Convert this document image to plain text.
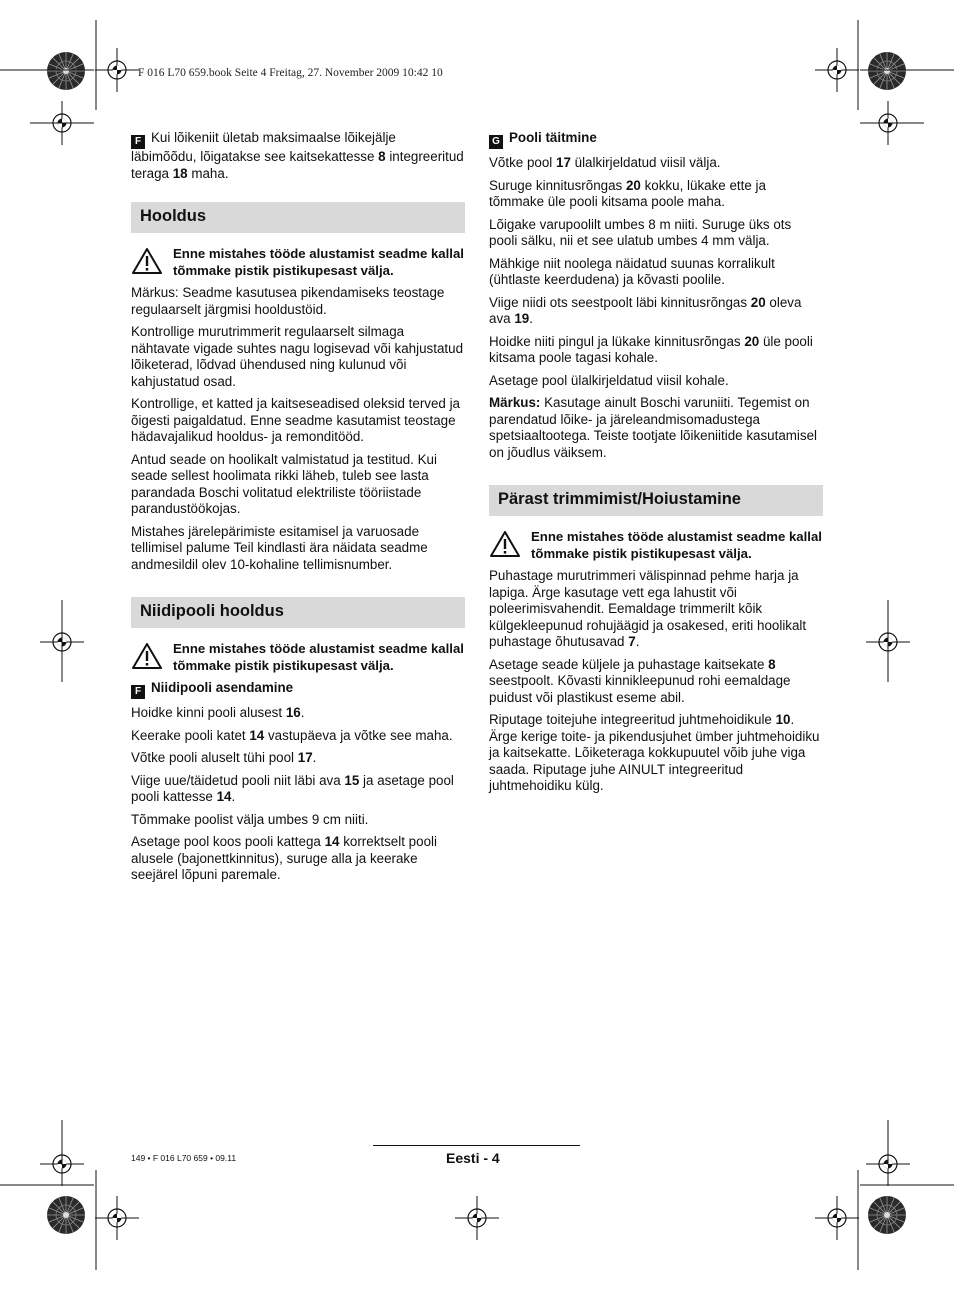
F 016 L70 659.book Seite 4 Freitag, 27. November 2009 10:42 10

F Kui lõikeniit ületab maksimaalse lõikejälje läbimõõdu, lõigatakse see kaitsekattesse 8 integreeritud teraga 18 maha.

Hooldus
Enne mistahes tööde alustamist seadme kallal tõmmake pistik pistikupesast välja.

Märkus: Seadme kasutusea pikendamiseks teostage regulaarselt järgmisi hooldustöid.

Kontrollige murutrimmerit regulaarselt silmaga nähtavate vigade suhtes nagu logisevad või kahjustatud lõiketerad, lõdvad ühendused ning kulunud või kahjustatud osad.

Kontrollige, et katted ja kaitseseadised oleksid terved ja õigesti paigaldatud. Enne seadme kasutamist teostage hädavajalikud hooldus- ja remonditööd.

Antud seade on hoolikalt valmistatud ja testitud. Kui seade sellest hoolimata rikki läheb, tuleb see lasta parandada Boschi volitatud elektriliste tööriistade parandustöökojas.

Mistahes järelepärimiste esitamisel ja varuosade tellimisel palume Teil kindlasti ära näidata seadme andmesildil olev 10-kohaline tellimisnumber.

Niidipooli hooldus
Enne mistahes tööde alustamist seadme kallal tõmmake pistik pistikupesast välja.

F Niidipooli asendamine

Hoidke kinni pooli alusest 16.

Keerake pooli katet 14 vastupäeva ja võtke see maha.

Võtke pooli aluselt tühi pool 17.

Viige uue/täidetud pooli niit läbi ava 15 ja asetage pool pooli kattesse 14.

Tõmmake poolist välja umbes 9 cm niiti.

Asetage pool koos pooli kattega 14 korrektselt pooli alusele (bajonettkinnitus), suruge alla ja keerake seejärel lõpuni paremale.

G Pooli täitmine

Võtke pool 17 ülalkirjeldatud viisil välja.

Suruge kinnitusrõngas 20 kokku, lükake ette ja tõmmake üle pooli kitsama poole maha.

Lõigake varupoolilt umbes 8 m niiti. Suruge üks ots pooli sälku, nii et see ulatub umbes 4 mm välja.

Mähkige niit noolega näidatud suunas korralikult (ühtlaste keerdudena) ja kõvasti poolile.

Viige niidi ots seestpoolt läbi kinnitusrõngas 20 oleva ava 19.

Hoidke niiti pingul ja lükake kinnitusrõngas 20 üle pooli kitsama poole tagasi kohale.

Asetage pool ülalkirjeldatud viisil kohale.

Märkus: Kasutage ainult Boschi varuniiti. Tegemist on parendatud lõike- ja järeleandmisomadustega spetsiaaltootega. Teiste tootjate lõikeniitide kasutamisel on jõudlus väiksem.

Pärast trimmimist/Hoiustamine
Enne mistahes tööde alustamist seadme kallal tõmmake pistik pistikupesast välja.

Puhastage murutrimmeri välispinnad pehme harja ja lapiga. Ärge kasutage vett ega lahustit või poleerimisvahendit. Eemaldage trimmerilt kõik külgekleepunud rohujäägid ja osakesed, eriti hoolikalt puhastage õhutusavad 7.

Asetage seade küljele ja puhastage kaitsekate 8 seestpoolt. Kõvasti kinnikleepunud rohi eemaldage puidust või plastikust eseme abil.

Riputage toitejuhe integreeritud juhtmehoidikule 10. Ärge kerige toite- ja pikendusjuhet ümber juhtmehoidiku ja kaitsekatte. Lõiketeraga kokkupuutel võib juhe viga saada. Riputage juhe AINULT integreeritud juhtmehoidiku külg.

149 • F 016 L70 659 • 09.11	Eesti - 4
